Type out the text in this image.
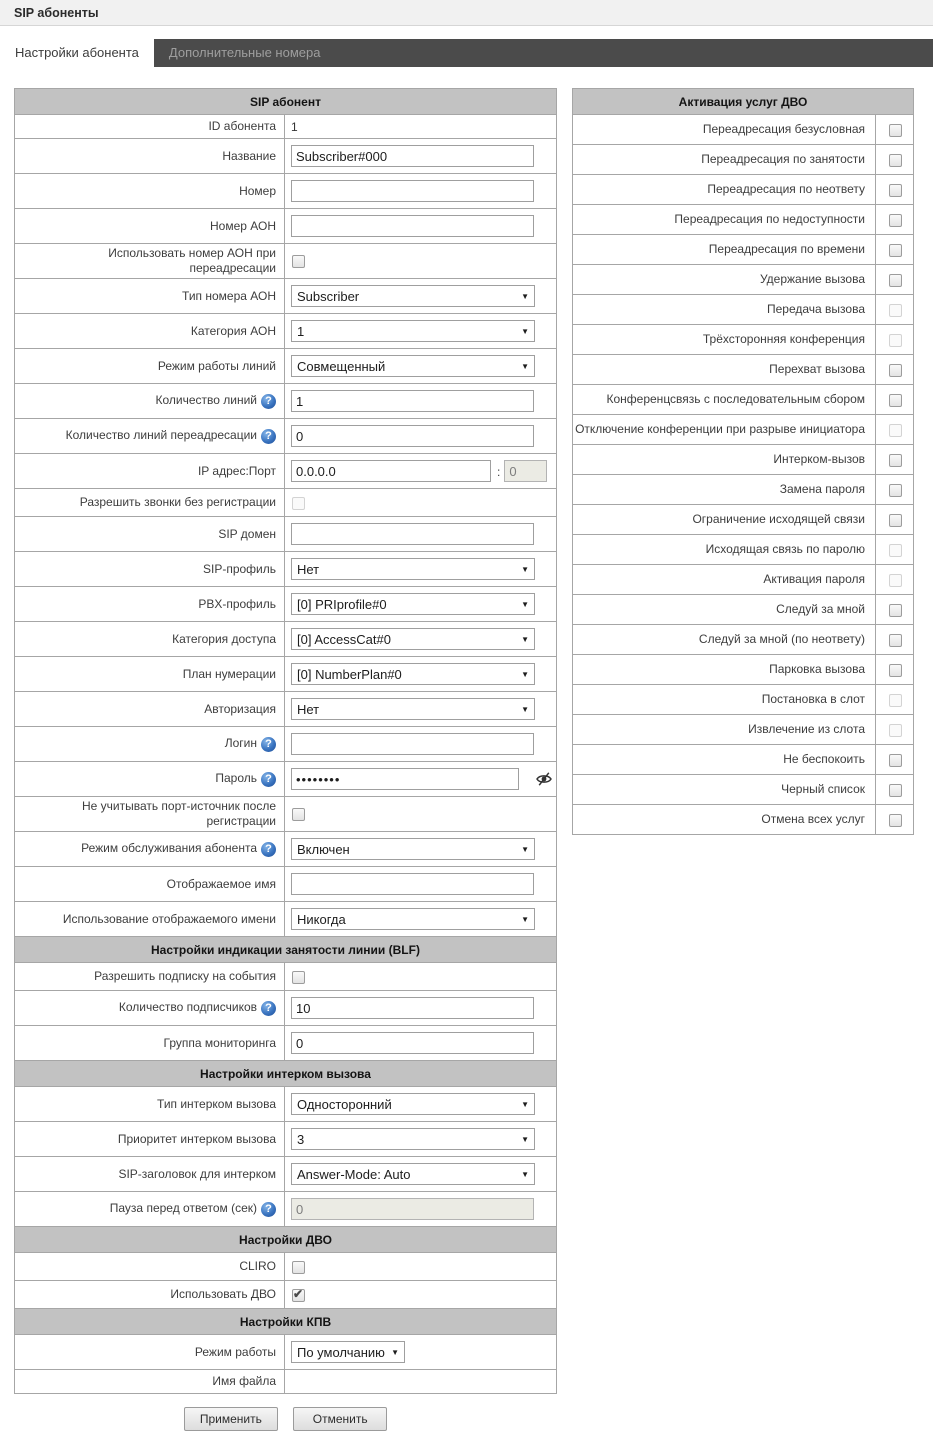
SIP абоненты
Настройки абонента	Дополнительные номера
SIP абонент	
ID абонента	1
Название	Subscriber#000
Номер	
Номер АОН	
Использовать номер АОН при переадресации	
Тип номера АОН	Subscriber ▼

Категория АОН	1 ▼

Режим работы линий	Совмещенный ▼

Количество линий ?	1
Количество линий переадресации ?	0
IP адрес:Порт	0.0.0.0:0
Разрешить звонки без регистрации	
SIP домен	
SIP-профиль	Нет ▼

PBX-профиль	[0] PRIprofile#0 ▼

Категория доступа	[0] AccessCat#0 ▼

План нумерации	[0] NumberPlan#0 ▼

Авторизация	Нет ▼

Логин ?	
Пароль ?	••••••••

Не учитывать порт-источник после регистрации	
Режим обслуживания абонента ?	Включен ▼

Отображаемое имя	
Использование отображаемого имени	Никогда ▼

Настройки индикации занятости линии (BLF)	
Разрешить подписку на события	
Количество подписчиков ?	10
Группа мониторинга	0
Настройки интерком вызова	
Тип интерком вызова	Односторонний ▼

Приоритет интерком вызова	3 ▼

SIP-заголовок для интерком	Answer-Mode: Auto ▼

Пауза перед ответом (сек) ?	0
Настройки ДВО	
CLIRO	
Использовать ДВО	
Настройки КПВ	
Режим работы	По умолчанию ▼

Имя файла	
Применить	Отменить
Активация услуг ДВО	
Переадресация безусловная	
Переадресация по занятости	
Переадресация по неответу	
Переадресация по недоступности	
Переадресация по времени	
Удержание вызова	
Передача вызова	
Трёхсторонняя конференция	
Перехват вызова	
Конференцсвязь с последовательным сбором	
Отключение конференции при разрыве инициатора	
Интерком-вызов	
Замена пароля	
Ограничение исходящей связи	
Исходящая связь по паролю	
Активация пароля	
Следуй за мной	
Следуй за мной (по неответу)	
Парковка вызова	
Постановка в слот	
Извлечение из слота	
Не беспокоить	
Черный список	
Отмена всех услуг	
